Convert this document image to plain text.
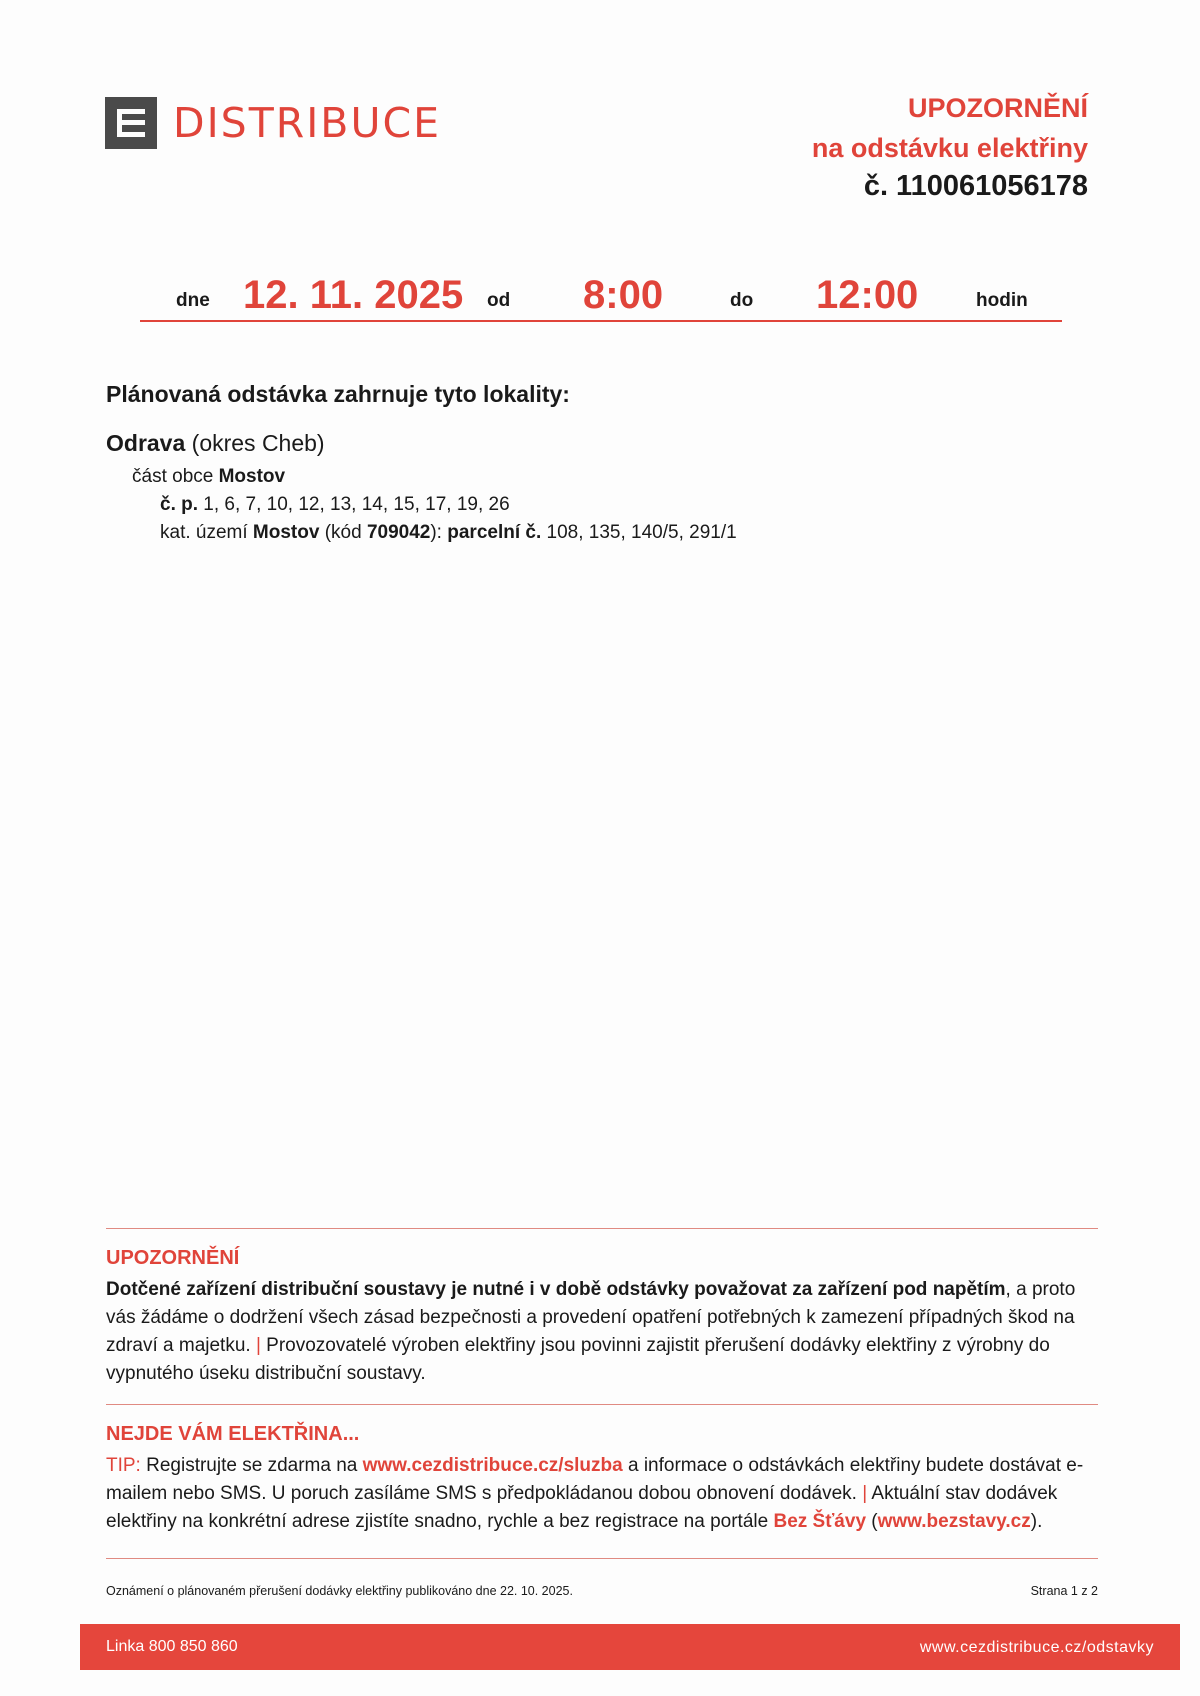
DISTRIBUCE	UPOZORNĚNÍ
na odstávku elektřiny
č. 110061056178
dne 12. 11. 2025 od 8:00	do 12:00	hodin
Plánovaná odstávka zahrnuje tyto lokality:
Odrava (okres Cheb)
část obce Mostov
č. p. 1, 6, 7, 10, 12, 13, 14, 15, 17, 19, 26
kat. území Mostov (kód 709042): parcelní č. 108, 135, 140/5, 291/1
UPOZORNĚNÍ
Dotčené zařízení distribuční soustavy je nutné i v době odstávky považovat za zařízení pod napětím, a proto vás žádáme o dodržení všech zásad bezpečnosti a provedení opatření potřebných k zamezení případných škod na zdraví a majetku. | Provozovatelé výroben elektřiny jsou povinni zajistit přerušení dodávky elektřiny z výrobny do vypnutého úseku distribuční soustavy.
NEJDE VÁM ELEKTŘINA...
TIP: Registrujte se zdarma na www.cezdistribuce.cz/sluzba a informace o odstávkách elektřiny budete dostávat e-mailem nebo SMS. U poruch zasíláme SMS s předpokládanou dobou obnovení dodávek. | Aktuální stav dodávek elektřiny na konkrétní adrese zjistíte snadno, rychle a bez registrace na portále Bez Šťávy (www.bezstavy.cz).
Oznámení o plánovaném přerušení dodávky elektřiny publikováno dne 22. 10. 2025.	Strana 1 z 2
Linka 800 850 860	www.cezdistribuce.cz/odstavky
